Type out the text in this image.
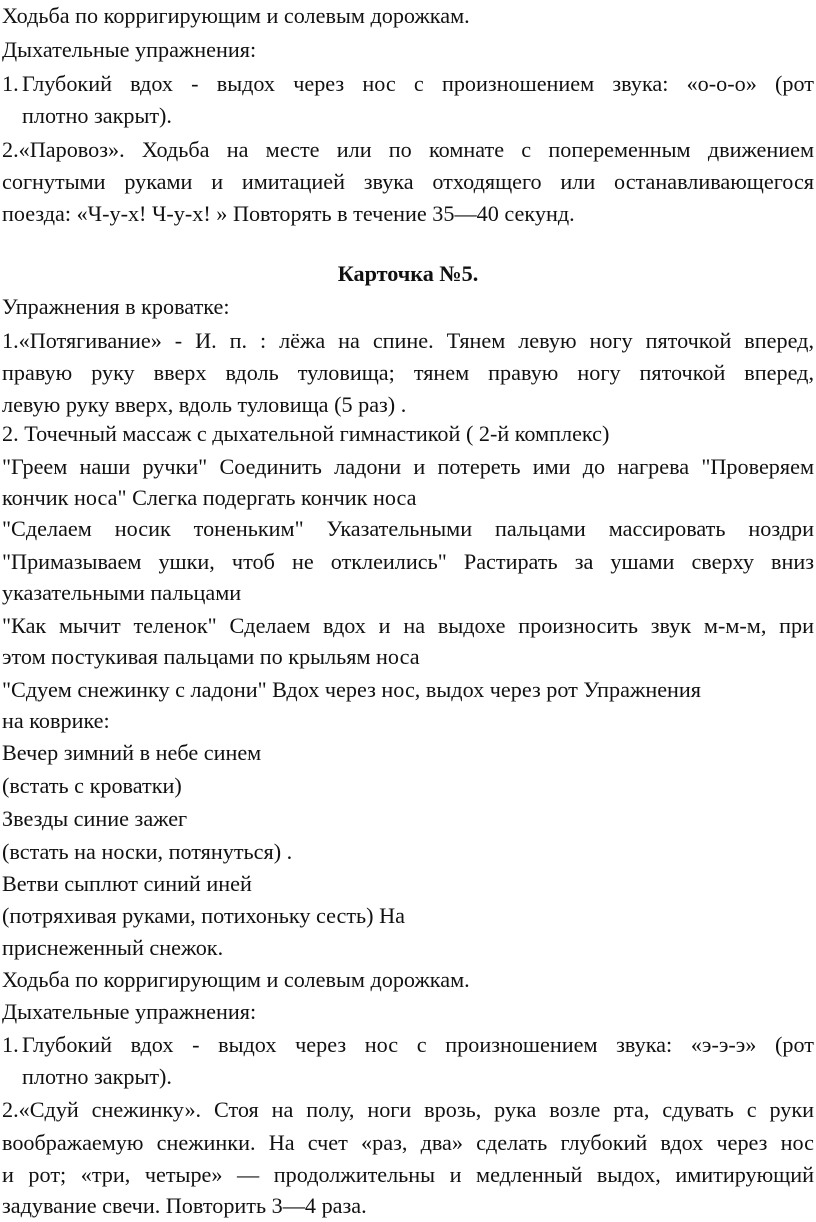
Ходьба по корригирующим и солевым дорожкам.
Дыхательные упражнения:
1. Глубокий вдох - выдох через нос с произношением звука: «о-о-о» (рот
плотно закрыт).
2.«Паровоз». Ходьба на месте или по комнате с попеременным движением
согнутыми руками и имитацией звука отходящего или останавливающегося
поезда: «Ч-у-х! Ч-у-х! » Повторять в течение 35—40 секунд.
Карточка №5.
Упражнения в кроватке:
1.«Потягивание» - И. п. : лёжа на спине. Тянем левую ногу пяточкой вперед,
правую руку вверх вдоль туловища; тянем правую ногу пяточкой вперед,
левую руку вверх, вдоль туловища (5 раз) .
2. Точечный массаж с дыхательной гимнастикой ( 2-й комплекс)
"Греем наши ручки" Соединить ладони и потереть ими до нагрева "Проверяем
кончик носа" Слегка подергать кончик носа
"Сделаем носик тоненьким" Указательными пальцами массировать ноздри
"Примазываем ушки, чтоб не отклеились" Растирать за ушами сверху вниз
указательными пальцами
"Как мычит теленок" Сделаем вдох и на выдохе произносить звук м-м-м, при
этом постукивая пальцами по крыльям носа
"Сдуем снежинку с ладони" Вдох через нос, выдох через рот Упражнения
на коврике:
Вечер зимний в небе синем
(встать с кроватки)
Звезды синие зажег
(встать на носки, потянуться) .
Ветви сыплют синий иней
(потряхивая руками, потихоньку сесть) На
приснеженный снежок.
Ходьба по корригирующим и солевым дорожкам.
Дыхательные упражнения:
1. Глубокий вдох - выдох через нос с произношением звука: «э-э-э» (рот
плотно закрыт).
2.«Сдуй снежинку». Стоя на полу, ноги врозь, рука возле рта, сдувать с руки
воображаемую снежинки. На счет «раз, два» сделать глубокий вдох через нос
и рот; «три, четыре» — продолжительны и медленный выдох, имитирующий
задувание свечи. Повторить 3—4 раза.
